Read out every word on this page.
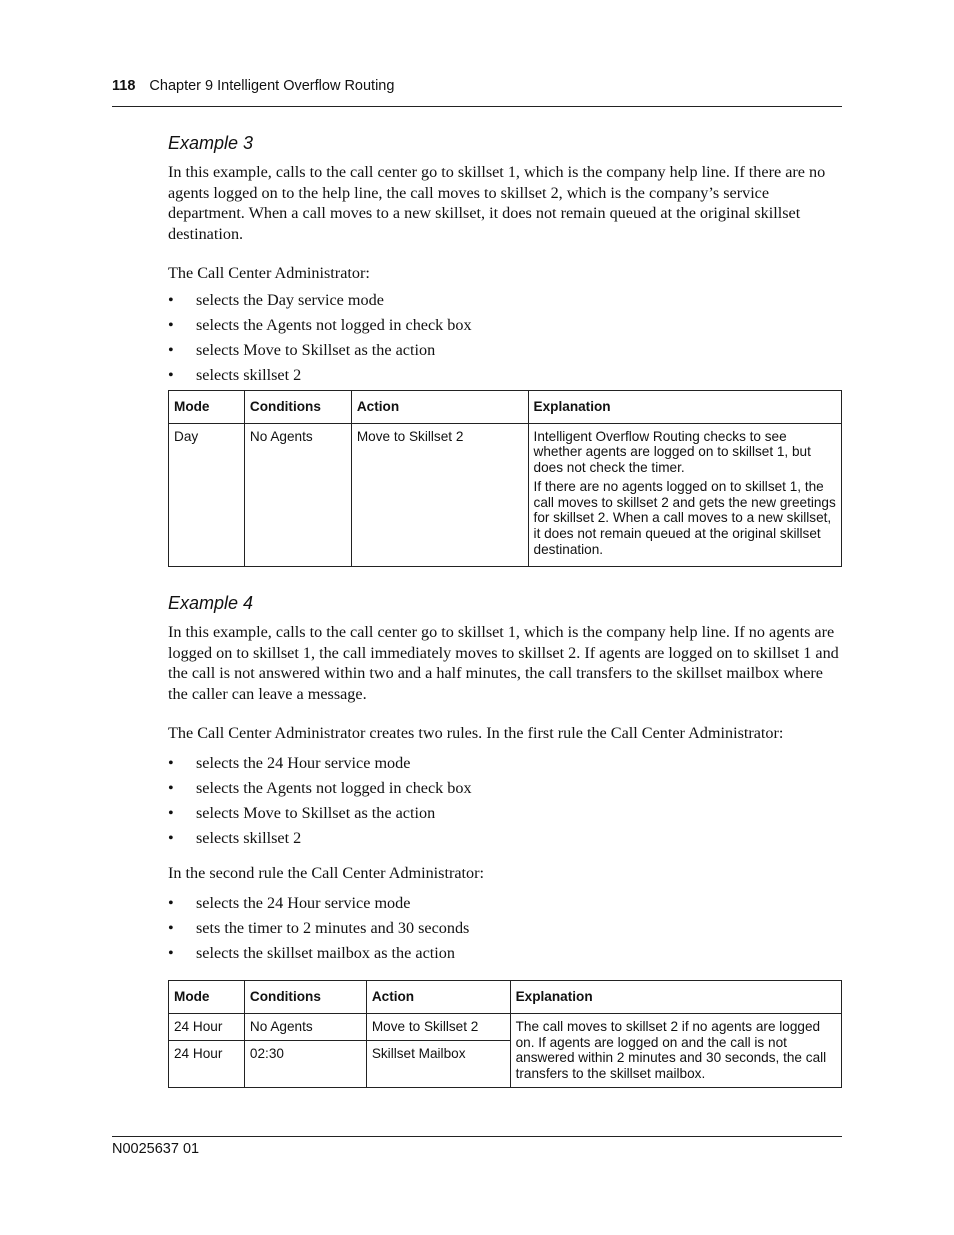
118 Chapter 9 Intelligent Overflow Routing
Example 3

In this example, calls to the call center go to skillset 1, which is the company help line. If there are no agents logged on to the help line, the call moves to skillset 2, which is the company’s service department. When a call moves to a new skillset, it does not remain queued at the original skillset destination.

The Call Center Administrator:

• selects the Day service mode
• selects the Agents not logged in check box
• selects Move to Skillset as the action
• selects skillset 2
Mode	Conditions	Action	Explanation
Day	No Agents	Move to Skillset 2	Intelligent Overflow Routing checks to see whether agents are logged on to skillset 1, but does not check the timer.
If there are no agents logged on to skillset 1, the call moves to skillset 2 and gets the new greetings for skillset 2. When a call moves to a new skillset, it does not remain queued at the original skillset destination.
Example 4

In this example, calls to the call center go to skillset 1, which is the company help line. If no agents are logged on to skillset 1, the call immediately moves to skillset 2. If agents are logged on to skillset 1 and the call is not answered within two and a half minutes, the call transfers to the skillset mailbox where the caller can leave a message.

The Call Center Administrator creates two rules. In the first rule the Call Center Administrator:

• selects the 24 Hour service mode
• selects the Agents not logged in check box
• selects Move to Skillset as the action
• selects skillset 2

In the second rule the Call Center Administrator:

• selects the 24 Hour service mode
• sets the timer to 2 minutes and 30 seconds
• selects the skillset mailbox as the action
Mode	Conditions	Action	Explanation
24 Hour	No Agents	Move to Skillset 2	The call moves to skillset 2 if no agents are logged on. If agents are logged on and the call is not answered within 2 minutes and 30 seconds, the call transfers to the skillset mailbox.
24 Hour	02:30	Skillset Mailbox	
N0025637 01
